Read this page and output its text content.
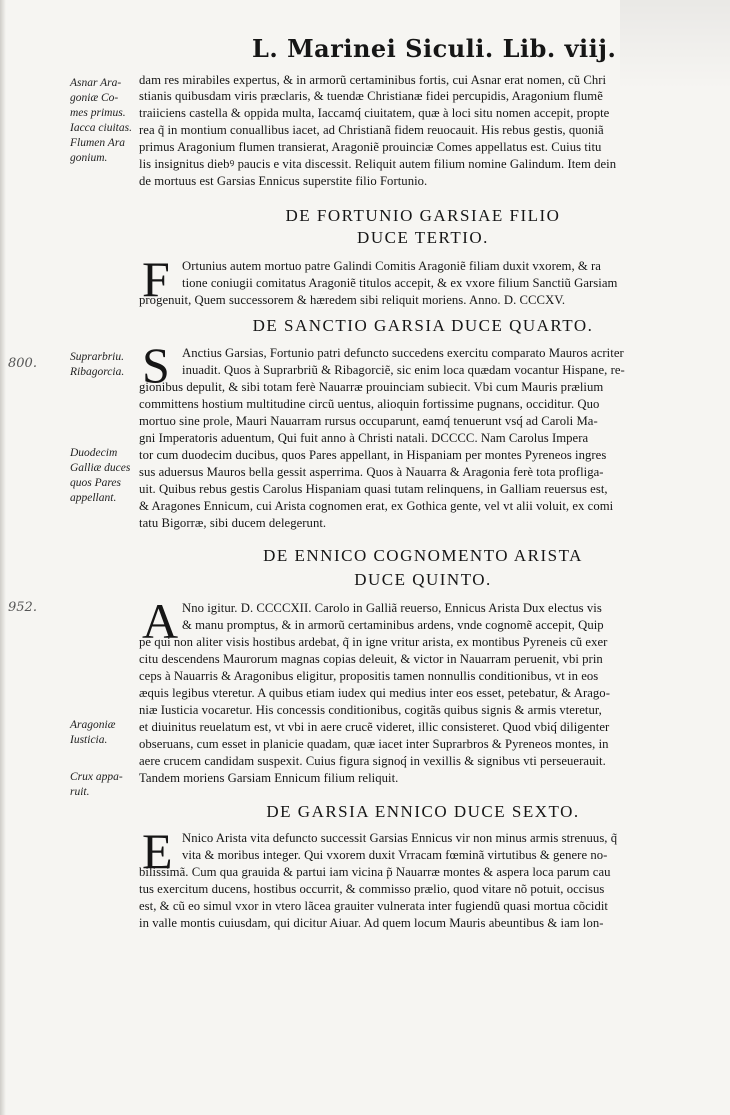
L. Marinei Siculi. Lib. viij.
800.
952.
Asnar Ara-
goniæ Co-
mes primus.
Iacca ciuitas.
Flumen Ara
gonium.
Suprarbriu.
Ribagorcia.
Duodecim
Galliæ duces
quos Pares
appellant.
Aragoniæ
Iusticia.
Crux appa-
ruit.
dam res mirabiles expertus, & in armorũ certaminibus fortis, cui Asnar erat nomen, cũ Chri
stianis quibusdam viris præclaris, & tuendæ Christianæ fidei percupidis, Aragonium flumẽ
traiiciens castella & oppida multa, Iaccamq́ ciuitatem, quæ à loci situ nomen accepit, propte
rea q̃ in montium conuallibus iacet, ad Christianã fidem reuocauit. His rebus gestis, quoniã
primus Aragonium flumen transierat, Aragoniẽ prouinciæ Comes appellatus est. Cuius titu
lis insignitus diebꝰ paucis e vita discessit. Reliquit autem filium nomine Galindum. Item dein
de mortuus est Garsias Ennicus superstite filio Fortunio.
DE FORTUNIO GARSIAE FILIO
DUCE TERTIO.
F Ortunius autem mortuo patre Galindi Comitis Aragoniẽ filiam duxit vxorem, & ra
tione coniugii comitatus Aragoniẽ titulos accepit, & ex vxore filium Sanctiũ Garsiam
progenuit, Quem successorem & hæredem sibi reliquit moriens. Anno. D. CCCXV.
DE SANCTIO GARSIA DUCE QUARTO.
S Anctius Garsias, Fortunio patri defuncto succedens exercitu comparato Mauros acriter
inuadit. Quos à Suprarbriũ & Ribagorciẽ, sic enim loca quædam vocantur Hispane, re-
gionibus depulit, & sibi totam ferè Nauarræ prouinciam subiecit. Vbi cum Mauris prælium
committens hostium multitudine circũ uentus, alioquin fortissime pugnans, occiditur. Quo
mortuo sine prole, Mauri Nauarram rursus occuparunt, eamq́ tenuerunt vsq́ ad Caroli Ma-
gni Imperatoris aduentum, Qui fuit anno à Christi natali. DCCCC. Nam Carolus Impera
tor cum duodecim ducibus, quos Pares appellant, in Hispaniam per montes Pyreneos ingres
sus aduersus Mauros bella gessit asperrima. Quos à Nauarra & Aragonia ferè tota profliga-
uit. Quibus rebus gestis Carolus Hispaniam quasi tutam relinquens, in Galliam reuersus est,
& Aragones Ennicum, cui Arista cognomen erat, ex Gothica gente, vel vt alii voluit, ex comi
tatu Bigorræ, sibi ducem delegerunt.
DE ENNICO COGNOMENTO ARISTA
DUCE QUINTO.
A Nno igitur. D. CCCCXII. Carolo in Galliã reuerso, Ennicus Arista Dux electus vis
& manu promptus, & in armorũ certaminibus ardens, vnde cognomẽ accepit, Quip
pe qui non aliter visis hostibus ardebat, q̃ in igne vritur arista, ex montibus Pyreneis cũ exer
citu descendens Maurorum magnas copias deleuit, & victor in Nauarram peruenit, vbi prin
ceps à Nauarris & Aragonibus eligitur, propositis tamen nonnullis conditionibus, vt in eos
æquis legibus vteretur. A quibus etiam iudex qui medius inter eos esset, petebatur, & Arago-
niæ Iusticia vocaretur. His concessis conditionibus, cogitãs quibus signis & armis vteretur,
et diuinitus reuelatum est, vt vbi in aere crucẽ videret, illic consisteret. Quod vbiq́ diligenter
obseruans, cum esset in planicie quadam, quæ iacet inter Suprarbros & Pyreneos montes, in
aere crucem candidam suspexit. Cuius figura signoq́ in vexillis & signibus vti perseuerauit.
Tandem moriens Garsiam Ennicum filium reliquit.
DE GARSIA ENNICO DUCE SEXTO.
E Nnico Arista vita defuncto successit Garsias Ennicus vir non minus armis strenuus, q̃
vita & moribus integer. Qui vxorem duxit Vrracam fœminã virtutibus & genere no-
bilissimã. Cum qua grauida & partui iam vicina p̃ Nauarræ montes & aspera loca parum cau
tus exercitum ducens, hostibus occurrit, & commisso prælio, quod vitare nõ potuit, occisus
est, & cũ eo simul vxor in vtero lãcea grauiter vulnerata inter fugiendũ quasi mortua cõcidit
in valle montis cuiusdam, qui dicitur Aiuar. Ad quem locum Mauris abeuntibus & iam lon-
